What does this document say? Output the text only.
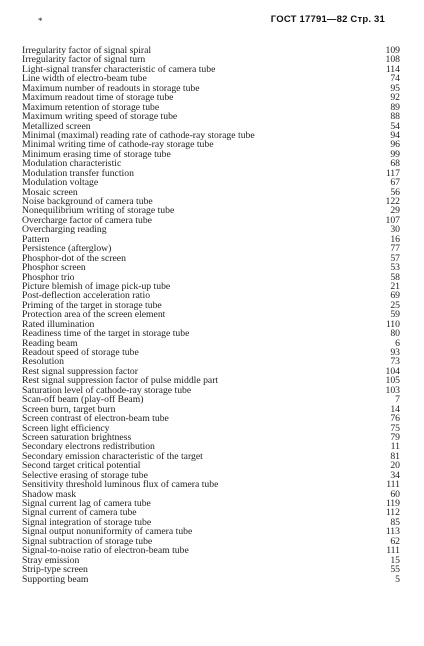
*	ГОСТ 17791—82 Стр. 31
Irregularity factor of signal spiral	109
Irregularity factor of signal turn	108
Light-signal transfer characteristic of camera tube	114
Line width of electro-beam tube	74
Maximum number of readouts in storage tube	95
Maximum readout time of storage tube	92
Maximum retention of storage tube	89
Maximum writing speed of storage tube	88
Metallized screen	54
Minimal (maximal) reading rate of cathode-ray storage tube	94
Minimal writing time of cathode-ray storage tube	96
Minimum erasing time of storage tube	99
Modulation characteristic	68
Modulation transfer function	117
Modulation voltage	67
Mosaic screen	56
Noise background of camera tube	122
Nonequilibrium writing of storage tube	29
Overcharge factor of camera tube	107
Overcharging reading	30
Pattern	16
Persistence (afterglow)	77
Phosphor-dot of the screen	57
Phosphor screen	53
Phosphor trio	58
Picture blemish of image pick-up tube	21
Post-deflection acceleration ratio	69
Priming of the target in storage tube	25
Protection area of the screen element	59
Rated illumination	110
Readiness time of the target in storage tube	80
Reading beam	6
Readout speed of storage tube	93
Resolution	73
Rest signal suppression factor	104
Rest signal suppression factor of pulse middle part	105
Saturation level of cathode-ray storage tube	103
Scan-off beam (play-off Beam)	7
Screen burn, target burn	14
Screen contrast of electron-beam tube	76
Screen light efficiency	75
Screen saturation brightness	79
Secondary electrons redistribution	11
Secondary emission characteristic of the target	81
Second target critical potential	20
Selective erasing of storage tube	34
Sensitivity threshold luminous flux of camera tube	111
Shadow mask	60
Signal current lag of camera tube	119
Signal current of camera tube	112
Signal integration of storage tube	85
Signal output nonuniformity of camera tube	113
Signal subtraction of storage tube	62
Signal-to-noise ratio of electron-beam tube	111
Stray emission	15
Strip-type screen	55
Supporting beam	5
